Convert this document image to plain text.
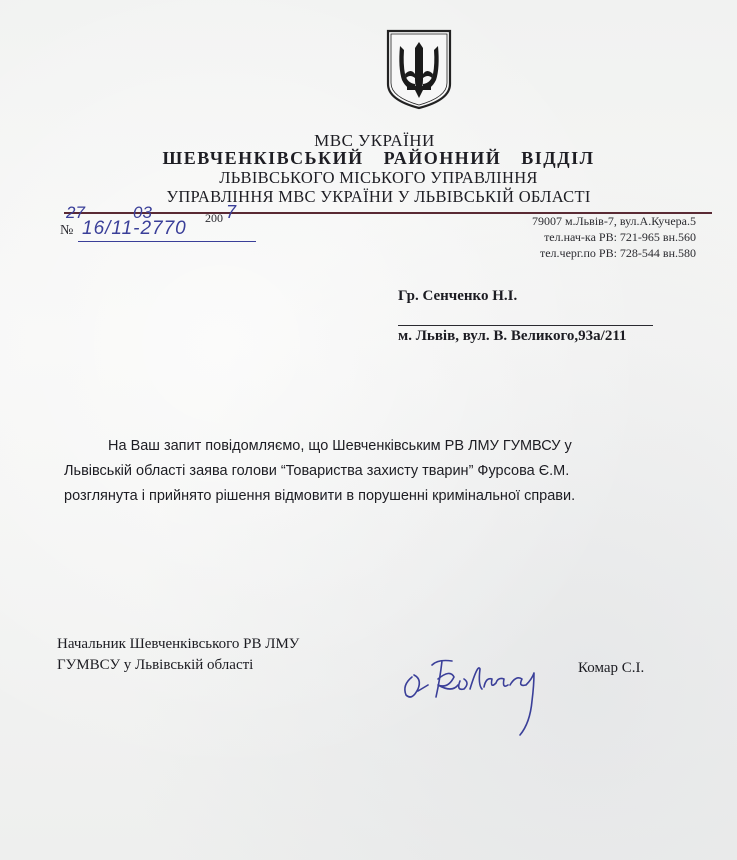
МВС УКРАЇНИ
ШЕВЧЕНКІВСЬКИЙ РАЙОННИЙ ВІДДІЛ
ЛЬВІВСЬКОГО МІСЬКОГО УПРАВЛІННЯ
УПРАВЛІННЯ МВС УКРАЇНИ У ЛЬВІВСЬКІЙ ОБЛАСТІ
27	03	200 7
№ 16/11-2770	79007 м.Львів-7, вул.А.Кучера.5
тел.нач-ка РВ: 721-965 вн.560
тел.черг.по РВ: 728-544 вн.580
Гр. Сенченко Н.І.
м. Львів, вул. В. Великого,93а/211
На Ваш запит повідомляємо, що Шевченківським РВ ЛМУ ГУМВСУ у
Львівській області заява голови “Товариства захисту тварин” Фурсова Є.М.
розглянута і прийнято рішення відмовити в порушенні кримінальної справи.
Начальник Шевченківського РВ ЛМУ
ГУМВСУ у Львівській області	Комар С.І.
